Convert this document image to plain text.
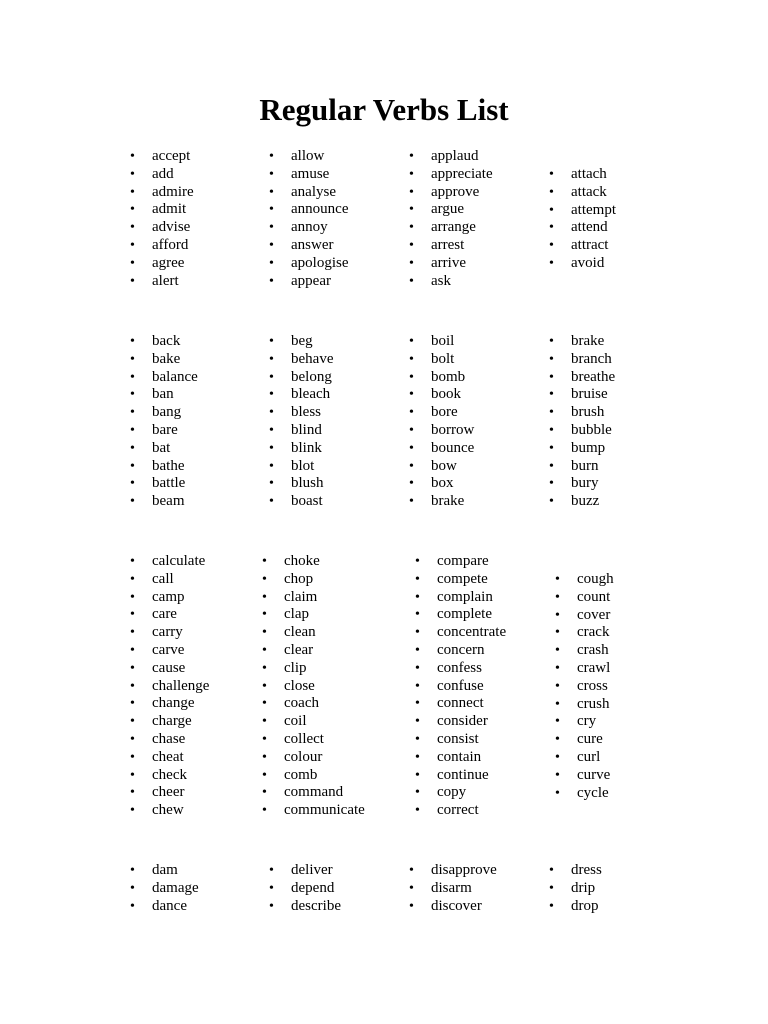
Regular Verbs List
• accept
• add
• admire
• admit
• advise
• afford
• agree
• alert
• allow
• amuse
• analyse
• announce
• annoy
• answer
• apologise
• appear
• applaud
• appreciate
• approve
• argue
• arrange
• arrest
• arrive
• ask
• attach
• attack
• attempt
• attend
• attract
• avoid
• back
• bake
• balance
• ban
• bang
• bare
• bat
• bathe
• battle
• beam
• beg
• behave
• belong
• bleach
• bless
• blind
• blink
• blot
• blush
• boast
• boil
• bolt
• bomb
• book
• bore
• borrow
• bounce
• bow
• box
• brake
• brake
• branch
• breathe
• bruise
• brush
• bubble
• bump
• burn
• bury
• buzz
• calculate
• call
• camp
• care
• carry
• carve
• cause
• challenge
• change
• charge
• chase
• cheat
• check
• cheer
• chew
• choke
• chop
• claim
• clap
• clean
• clear
• clip
• close
• coach
• coil
• collect
• colour
• comb
• command
• communicate
• compare
• compete
• complain
• complete
• concentrate
• concern
• confess
• confuse
• connect
• consider
• consist
• contain
• continue
• copy
• correct
• cough
• count
• cover
• crack
• crash
• crawl
• cross
• crush
• cry
• cure
• curl
• curve
• cycle
• dam
• damage
• dance
• deliver
• depend
• describe
• disapprove
• disarm
• discover
• dress
• drip
• drop
